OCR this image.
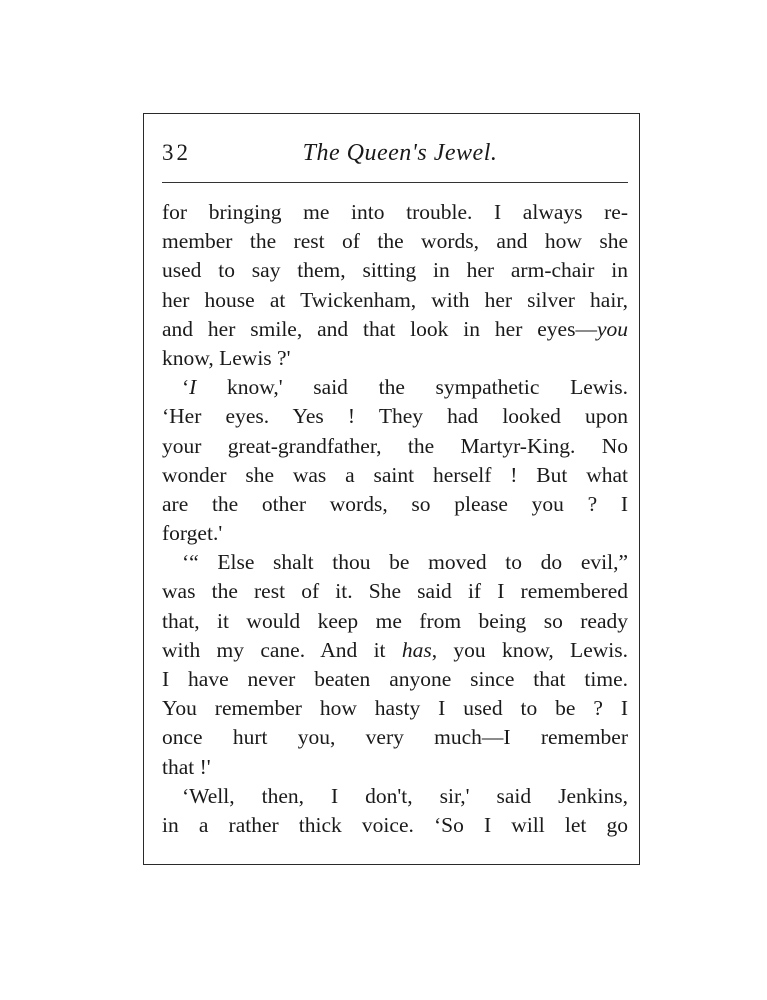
32	The Queen's Jewel.
for bringing me into trouble. I always re-
member the rest of the words, and how she
used to say them, sitting in her arm-chair in
her house at Twickenham, with her silver hair,
and her smile, and that look in her eyes—you
know, Lewis ?'
‘I know,' said the sympathetic Lewis.
‘Her eyes. Yes ! They had looked upon
your great-grandfather, the Martyr-King. No
wonder she was a saint herself ! But what
are the other words, so please you ? I
forget.'
‘“ Else shalt thou be moved to do evil,”
was the rest of it. She said if I remembered
that, it would keep me from being so ready
with my cane. And it has, you know, Lewis.
I have never beaten anyone since that time.
You remember how hasty I used to be ? I
once hurt you, very much—I remember
that !'
‘Well, then, I don't, sir,' said Jenkins,
in a rather thick voice. ‘So I will let go
